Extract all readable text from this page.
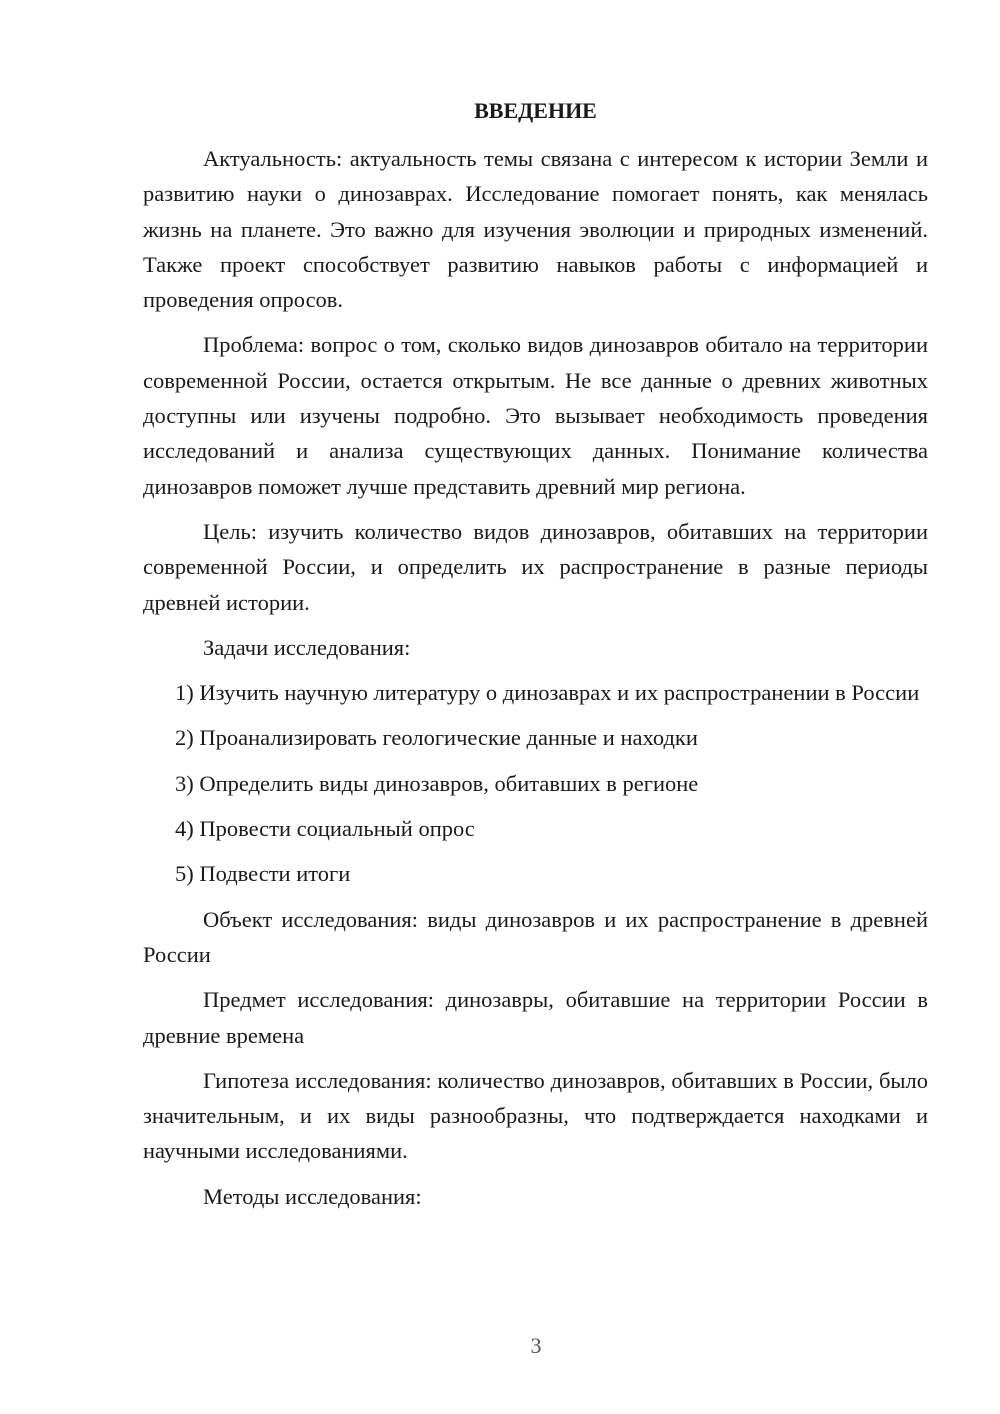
ВВЕДЕНИЕ
Актуальность: актуальность темы связана с интересом к истории Земли и развитию науки о динозаврах. Исследование помогает понять, как менялась жизнь на планете. Это важно для изучения эволюции и природных изменений. Также проект способствует развитию навыков работы с информацией и проведения опросов.
Проблема: вопрос о том, сколько видов динозавров обитало на территории современной России, остается открытым. Не все данные о древних животных доступны или изучены подробно. Это вызывает необходимость проведения исследований и анализа существующих данных. Понимание количества динозавров поможет лучше представить древний мир региона.
Цель: изучить количество видов динозавров, обитавших на территории современной России, и определить их распространение в разные периоды древней истории.
Задачи исследования:
1) Изучить научную литературу о динозаврах и их распространении в России
2) Проанализировать геологические данные и находки
3) Определить виды динозавров, обитавших в регионе
4) Провести социальный опрос
5) Подвести итоги
Объект исследования: виды динозавров и их распространение в древней России
Предмет исследования: динозавры, обитавшие на территории России в древние времена
Гипотеза исследования: количество динозавров, обитавших в России, было значительным, и их виды разнообразны, что подтверждается находками и научными исследованиями.
Методы исследования:
3
